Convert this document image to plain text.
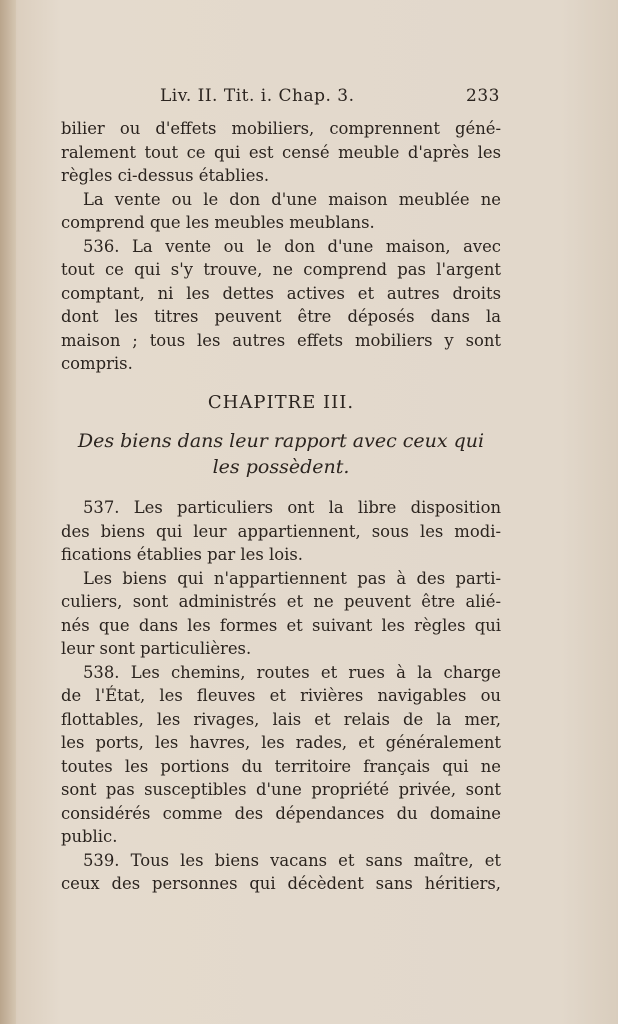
Liv. II. Tit. i. Chap. 3.	233
bilier ou d'effets mobiliers, comprennent géné-
ralement tout ce qui est censé meuble d'après les
règles ci-dessus établies.
La vente ou le don d'une maison meublée ne
comprend que les meubles meublans.
536. La vente ou le don d'une maison, avec
tout ce qui s'y trouve, ne comprend pas l'argent
comptant, ni les dettes actives et autres droits
dont les titres peuvent être déposés dans la
maison ; tous les autres effets mobiliers y sont
compris.
CHAPITRE III.
Des biens dans leur rapport avec ceux qui
les possèdent.
537. Les particuliers ont la libre disposition
des biens qui leur appartiennent, sous les modi-
fications établies par les lois.
Les biens qui n'appartiennent pas à des parti-
culiers, sont administrés et ne peuvent être alié-
nés que dans les formes et suivant les règles qui
leur sont particulières.
538. Les chemins, routes et rues à la charge
de l'État, les fleuves et rivières navigables ou
flottables, les rivages, lais et relais de la mer,
les ports, les havres, les rades, et généralement
toutes les portions du territoire français qui ne
sont pas susceptibles d'une propriété privée, sont
considérés comme des dépendances du domaine
public.
539. Tous les biens vacans et sans maître, et
ceux des personnes qui décèdent sans héritiers,
